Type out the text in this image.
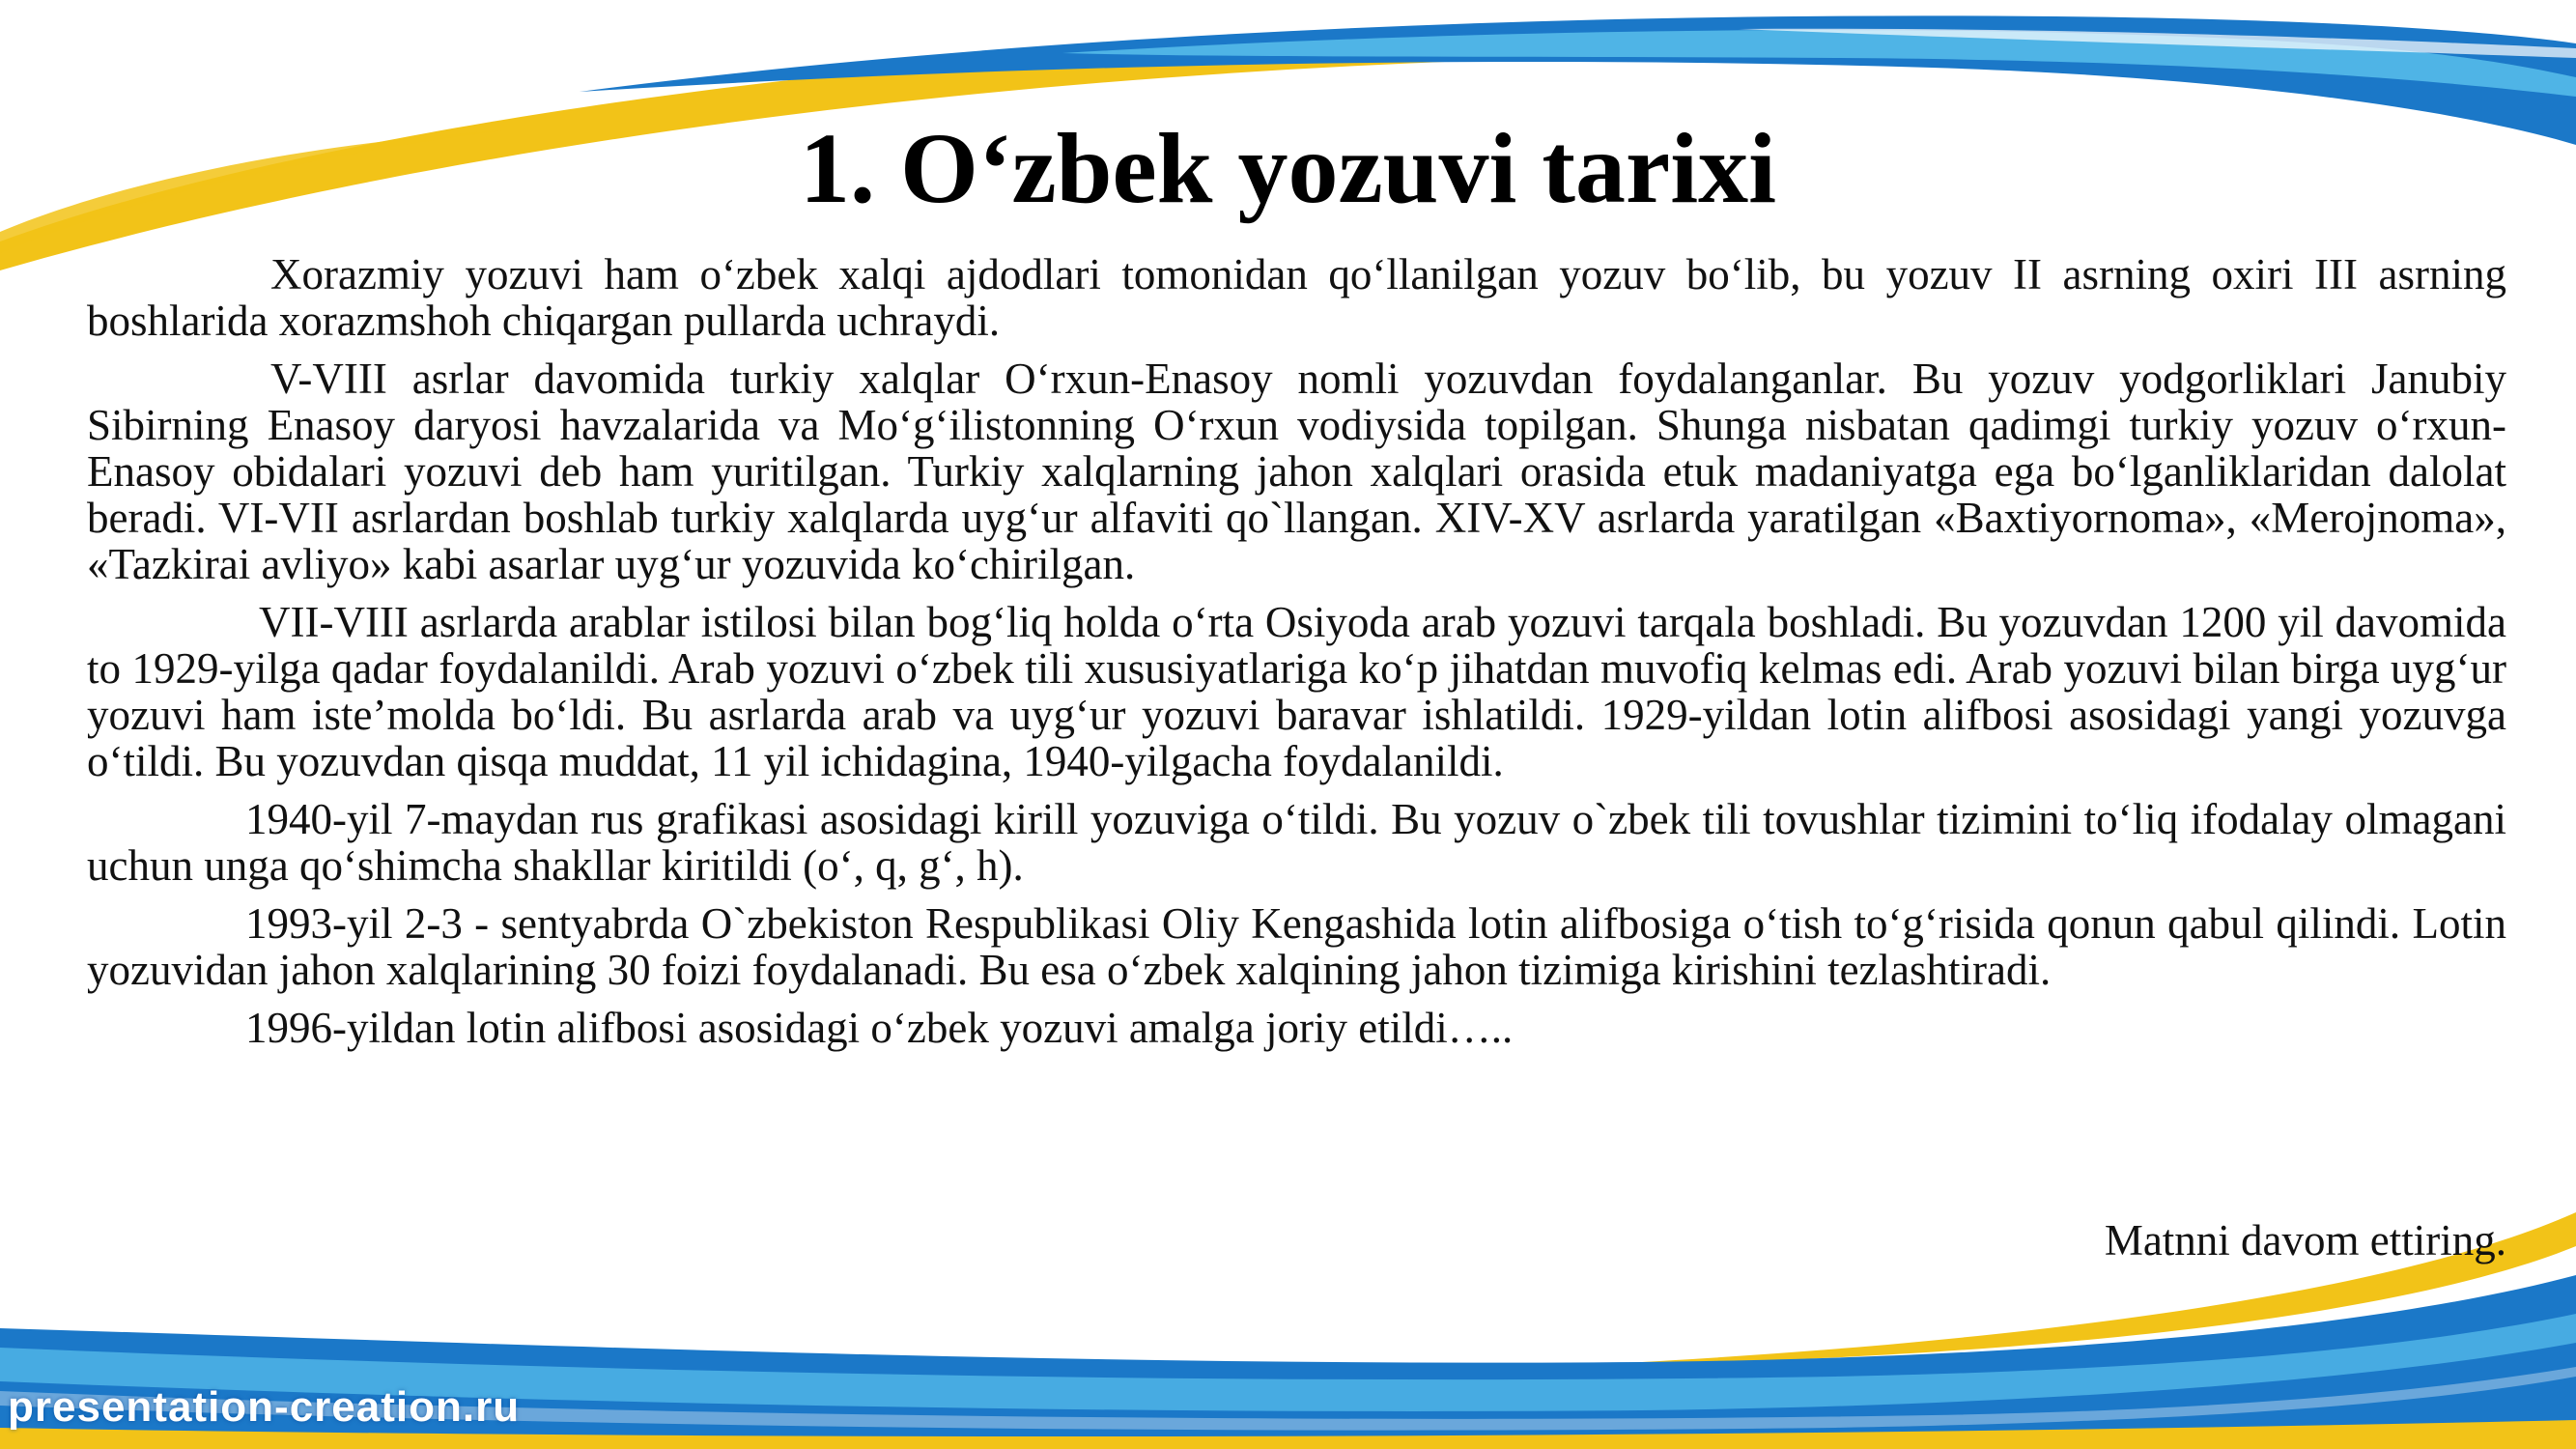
1. O‘zbek yozuvi tarixi

Xorazmiy yozuvi ham o‘zbek xalqi ajdodlari tomonidan qo‘llanilgan yozuv bo‘lib, bu yozuv II asrning oxiri III asrning boshlarida xorazmshoh chiqargan pullarda uchraydi.

V-VIII asrlar davomida turkiy xalqlar O‘rxun-Enasoy nomli yozuvdan foydalanganlar. Bu yozuv yodgorliklari Janubiy Sibirning Enasoy daryosi havzalarida va Mo‘g‘ilistonning O‘rxun vodiysida topilgan. Shunga nisbatan qadimgi turkiy yozuv o‘rxun-Enasoy obidalari yozuvi deb ham yuritilgan. Turkiy xalqlarning jahon xalqlari orasida etuk madaniyatga ega bo‘lganliklaridan dalolat beradi. VI-VII asrlardan boshlab turkiy xalqlarda uyg‘ur alfaviti qo`llangan. XIV-XV asrlarda yaratilgan «Baxtiyornoma», «Merojnoma», «Tazkirai avliyo» kabi asarlar uyg‘ur yozuvida ko‘chirilgan.

VII-VIII asrlarda arablar istilosi bilan bog‘liq holda o‘rta Osiyoda arab yozuvi tarqala boshladi. Bu yozuvdan 1200 yil davomida to 1929-yilga qadar foydalanildi. Arab yozuvi o‘zbek tili xususiyatlariga ko‘p jihatdan muvofiq kelmas edi. Arab yozuvi bilan birga uyg‘ur yozuvi ham iste’molda bo‘ldi. Bu asrlarda arab va uyg‘ur yozuvi baravar ishlatildi. 1929-yildan lotin alifbosi asosidagi yangi yozuvga o‘tildi. Bu yozuvdan qisqa muddat, 11 yil ichidagina, 1940-yilgacha foydalanildi.

1940-yil 7-maydan rus grafikasi asosidagi kirill yozuviga o‘tildi. Bu yozuv o`zbek tili tovushlar tizimini to‘liq ifodalay olmagani uchun unga qo‘shimcha shakllar kiritildi (o‘, q, g‘, h).

1993-yil 2-3 - sentyabrda O`zbekiston Respublikasi Oliy Kengashida lotin alifbosiga o‘tish to‘g‘risida qonun qabul qilindi. Lotin yozuvidan jahon xalqlarining 30 foizi foydalanadi. Bu esa o‘zbek xalqining jahon tizimiga kirishini tezlashtiradi.

1996-yildan lotin alifbosi asosidagi o‘zbek yozuvi amalga joriy etildi…..

Matnni davom ettiring.
presentation-creation.ru
